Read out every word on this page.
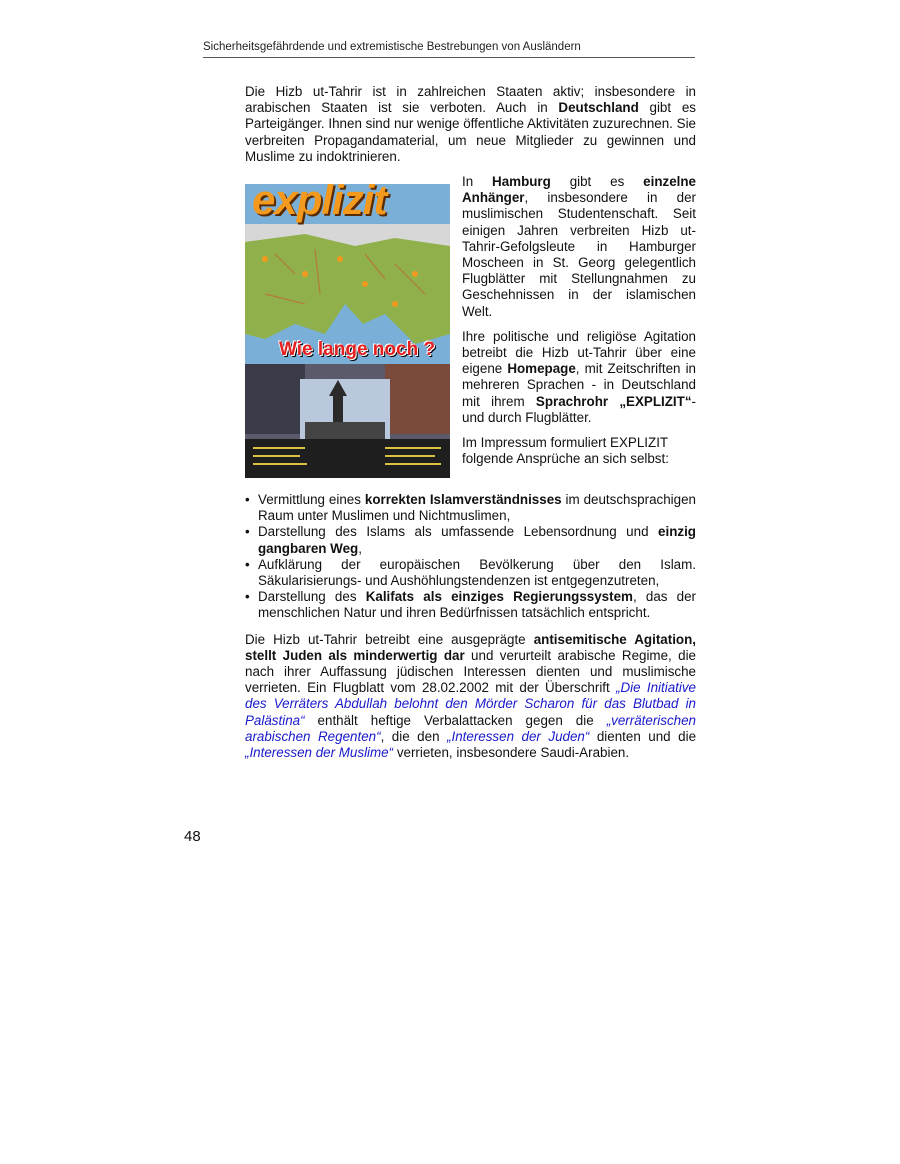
Sicherheitsgefährdende und extremistische Bestrebungen von Ausländern

Die Hizb ut-Tahrir ist in zahlreichen Staaten aktiv; insbesondere in arabischen Staaten ist sie verboten. Auch in Deutschland gibt es Parteigänger. Ihnen sind nur wenige öffentliche Aktivitäten zuzurechnen. Sie verbreiten Propagandamaterial, um neue Mitglieder zu gewinnen und Muslime zu indoktrinieren.

explizit
Wie lange noch ?

In Hamburg gibt es einzelne Anhänger, insbesondere in der muslimischen Studentenschaft. Seit einigen Jahren verbreiten Hizb ut-Tahrir-Gefolgsleute in Hamburger Moscheen in St. Georg gelegentlich Flugblätter mit Stellungnahmen zu Geschehnissen in der islamischen Welt.

Ihre politische und religiöse Agitation betreibt die Hizb ut-Tahrir über eine eigene Homepage, mit Zeitschriften in mehreren Sprachen - in Deutschland mit ihrem Sprachrohr „EXPLIZIT“- und durch Flugblätter.

Im Impressum formuliert EXPLIZIT folgende Ansprüche an sich selbst:

• Vermittlung eines korrekten Islamverständnisses im deutschsprachigen Raum unter Muslimen und Nichtmuslimen,
• Darstellung des Islams als umfassende Lebensordnung und einzig gangbaren Weg,
• Aufklärung der europäischen Bevölkerung über den Islam. Säkularisierungs- und Aushöhlungstendenzen ist entgegenzutreten,
• Darstellung des Kalifats als einziges Regierungssystem, das der menschlichen Natur und ihren Bedürfnissen tatsächlich entspricht.

Die Hizb ut-Tahrir betreibt eine ausgeprägte antisemitische Agitation, stellt Juden als minderwertig dar und verurteilt arabische Regime, die nach ihrer Auffassung jüdischen Interessen dienten und muslimische verrieten. Ein Flugblatt vom 28.02.2002 mit der Überschrift „Die Initiative des Verräters Abdullah belohnt den Mörder Scharon für das Blutbad in Palästina“ enthält heftige Verbalattacken gegen die „verräterischen arabischen Regenten“, die den „Interessen der Juden“ dienten und die „Interessen der Muslime“ verrieten, insbesondere Saudi-Arabien.

48
